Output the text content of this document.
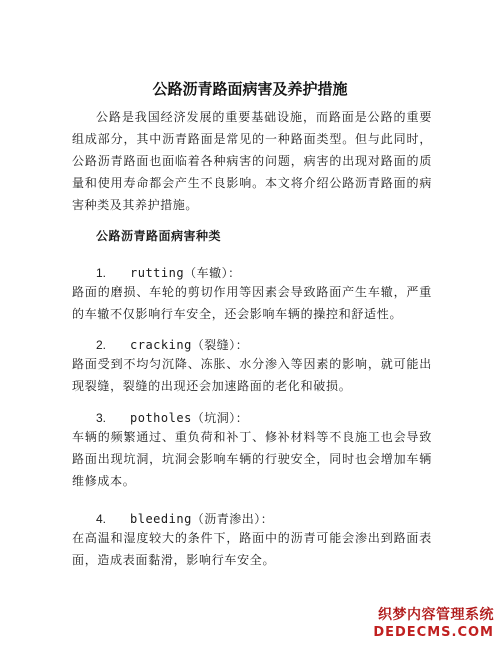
公路沥青路面病害及养护措施

公路是我国经济发展的重要基础设施，而路面是公路的重要组成部分，其中沥青路面是常见的一种路面类型。但与此同时，公路沥青路面也面临着各种病害的问题，病害的出现对路面的质量和使用寿命都会产生不良影响。本文将介绍公路沥青路面的病害种类及其养护措施。

公路沥青路面病害种类
1. rutting（车辙）：

路面的磨损、车轮的剪切作用等因素会导致路面产生车辙，严重的车辙不仅影响行车安全，还会影响车辆的操控和舒适性。

2. cracking（裂缝）：

路面受到不均匀沉降、冻胀、水分渗入等因素的影响，就可能出现裂缝，裂缝的出现还会加速路面的老化和破损。

3. potholes（坑洞）：

车辆的频繁通过、重负荷和补丁、修补材料等不良施工也会导致路面出现坑洞，坑洞会影响车辆的行驶安全，同时也会增加车辆维修成本。

4. bleeding（沥青渗出）：

在高温和湿度较大的条件下，路面中的沥青可能会渗出到路面表面，造成表面黏滑，影响行车安全。

织梦内容管理系统
DEDECMS.COM
